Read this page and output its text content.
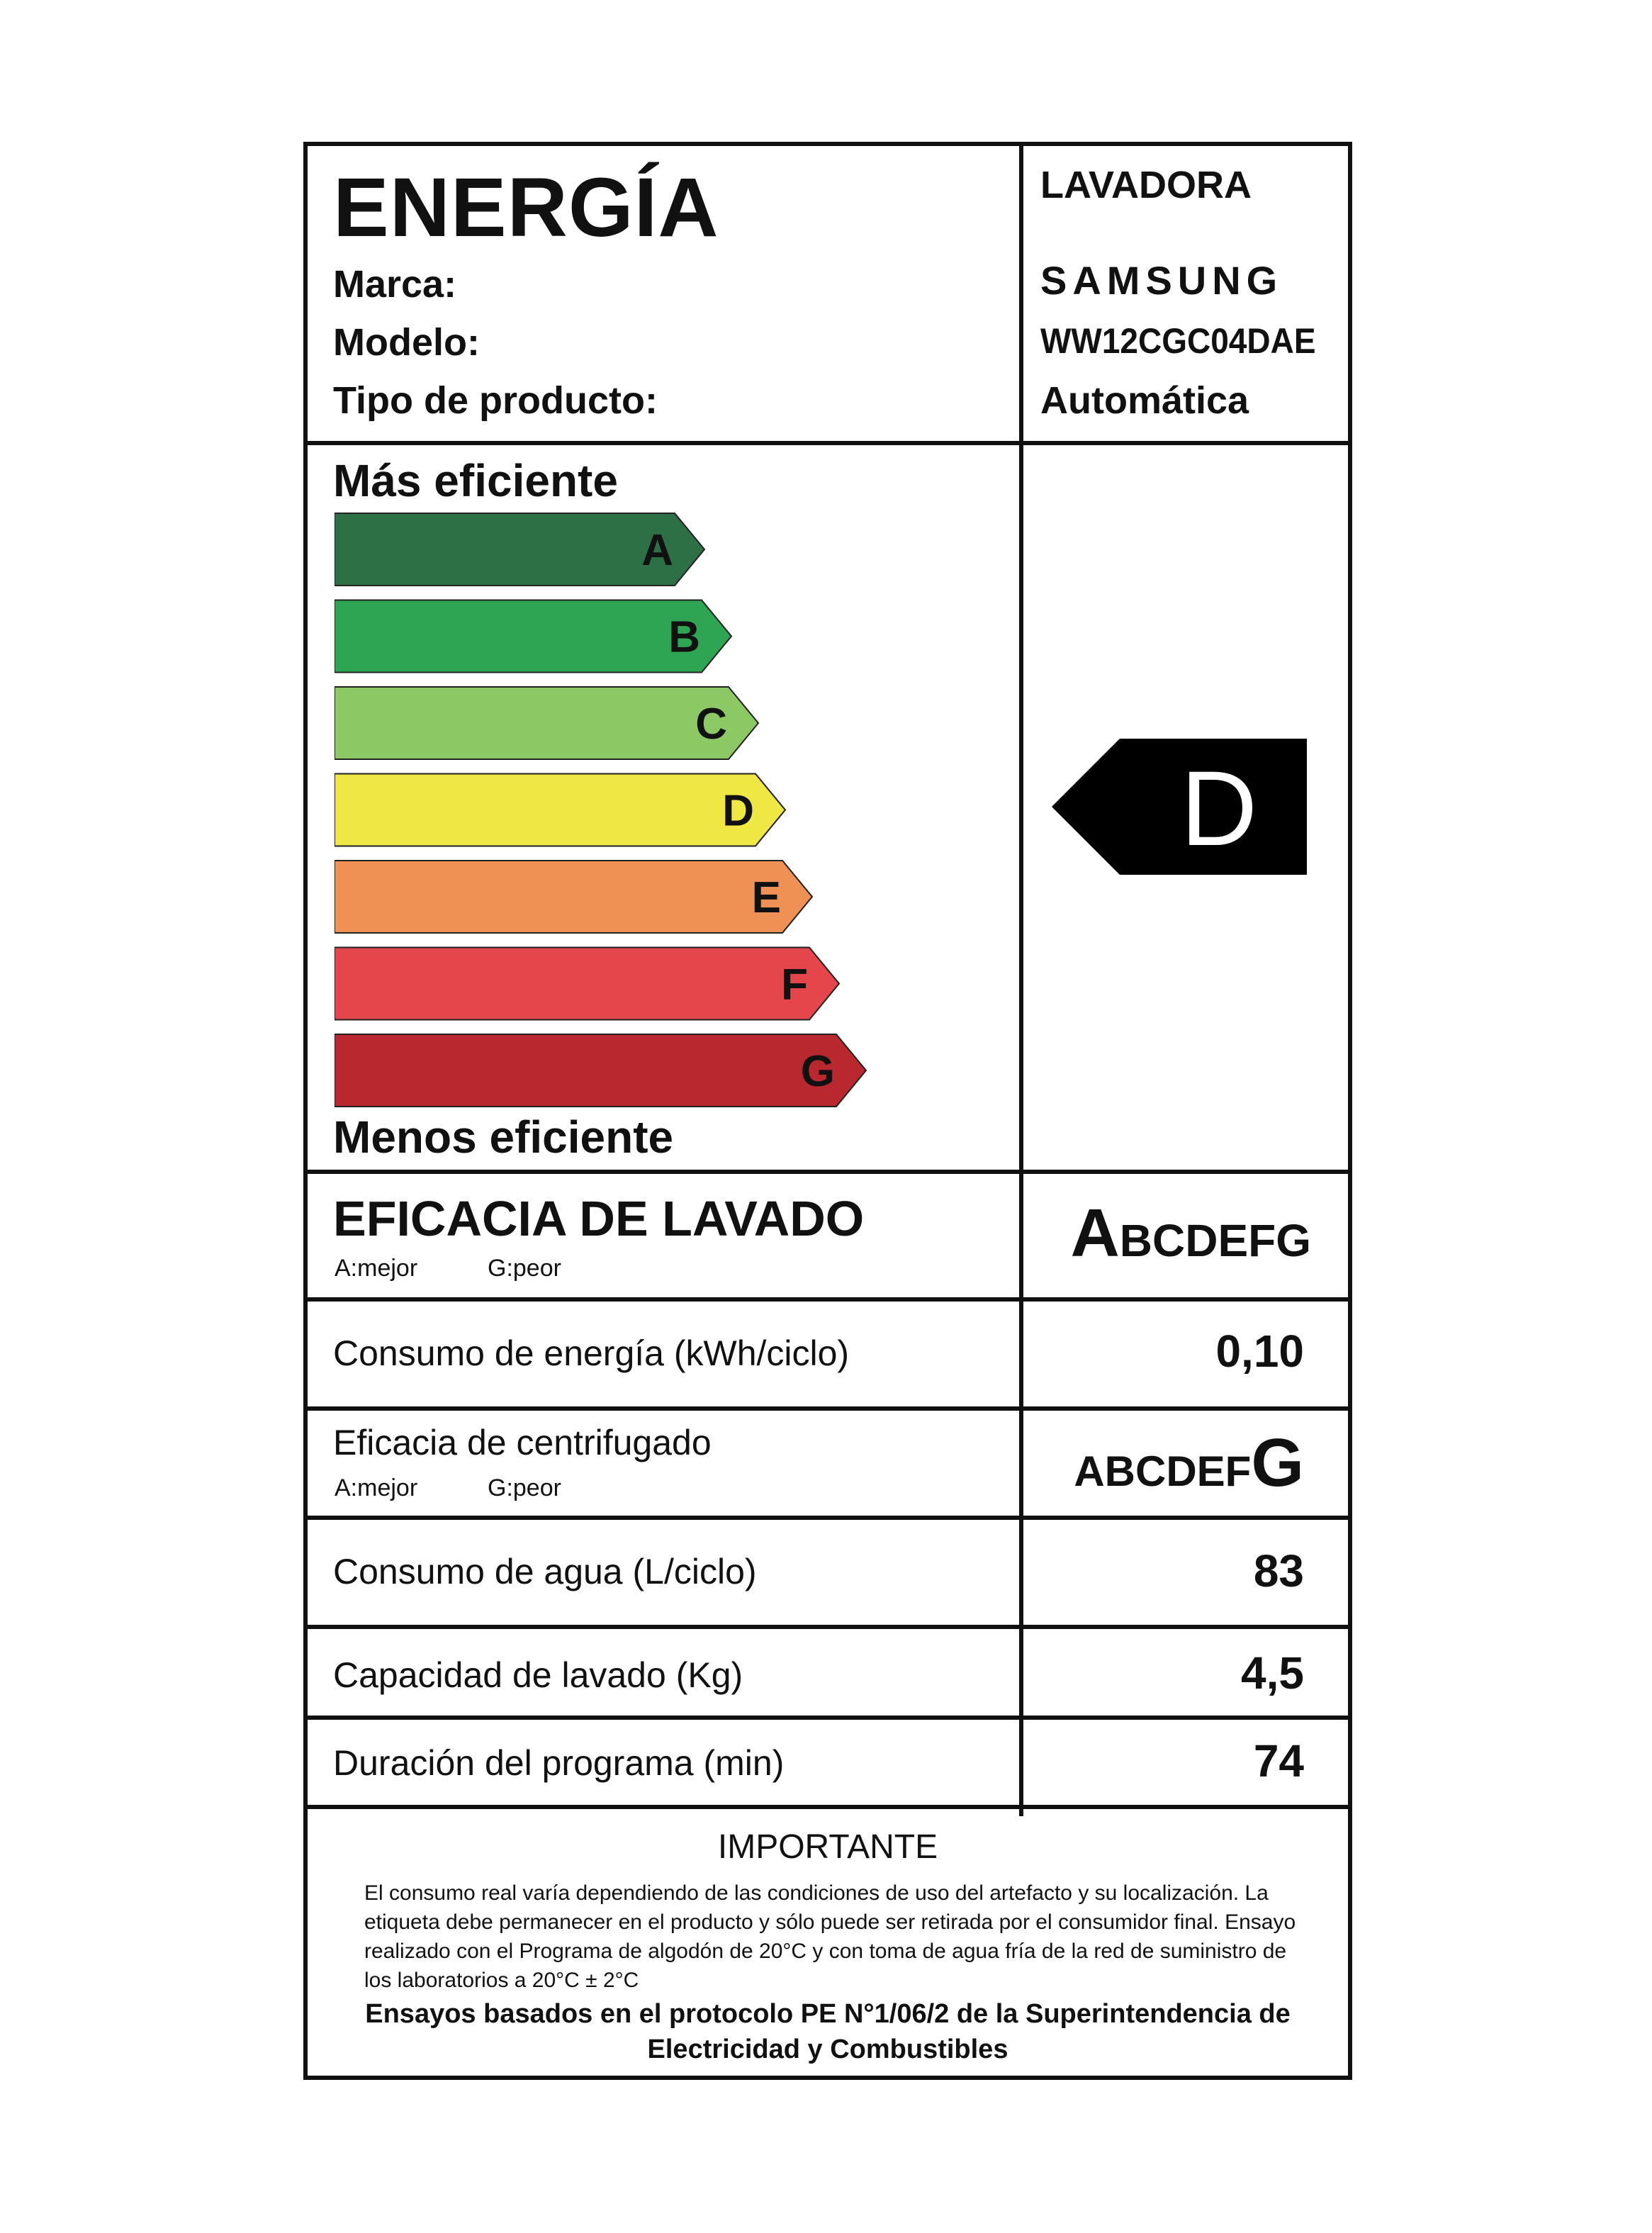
ENERGÍA	LAVADORA
Marca:	SAMSUNG
Modelo:	WW12CGC04DAE
Tipo de producto:	Automática
Más eficiente
A
B
C
D
E
F
G
Menos eficiente
D
EFICACIA DE LAVADO
A:mejor	G:peor	ABCDEFG
Consumo de energía (kWh/ciclo)	0,10
Eficacia de centrifugado
A:mejor	G:peor	ABCDEFG
Consumo de agua (L/ciclo)	83
Capacidad de lavado (Kg)	4,5
Duración del programa (min)	74
IMPORTANTE
El consumo real varía dependiendo de las condiciones de uso del artefacto y su localización. La etiqueta debe permanecer en el producto y sólo puede ser retirada por el consumidor final. Ensayo realizado con el Programa de algodón de 20°C y con toma de agua fría de la red de suministro de los laboratorios a 20°C ± 2°C
Ensayos basados en el protocolo PE N°1/06/2 de la Superintendencia de Electricidad y Combustibles
